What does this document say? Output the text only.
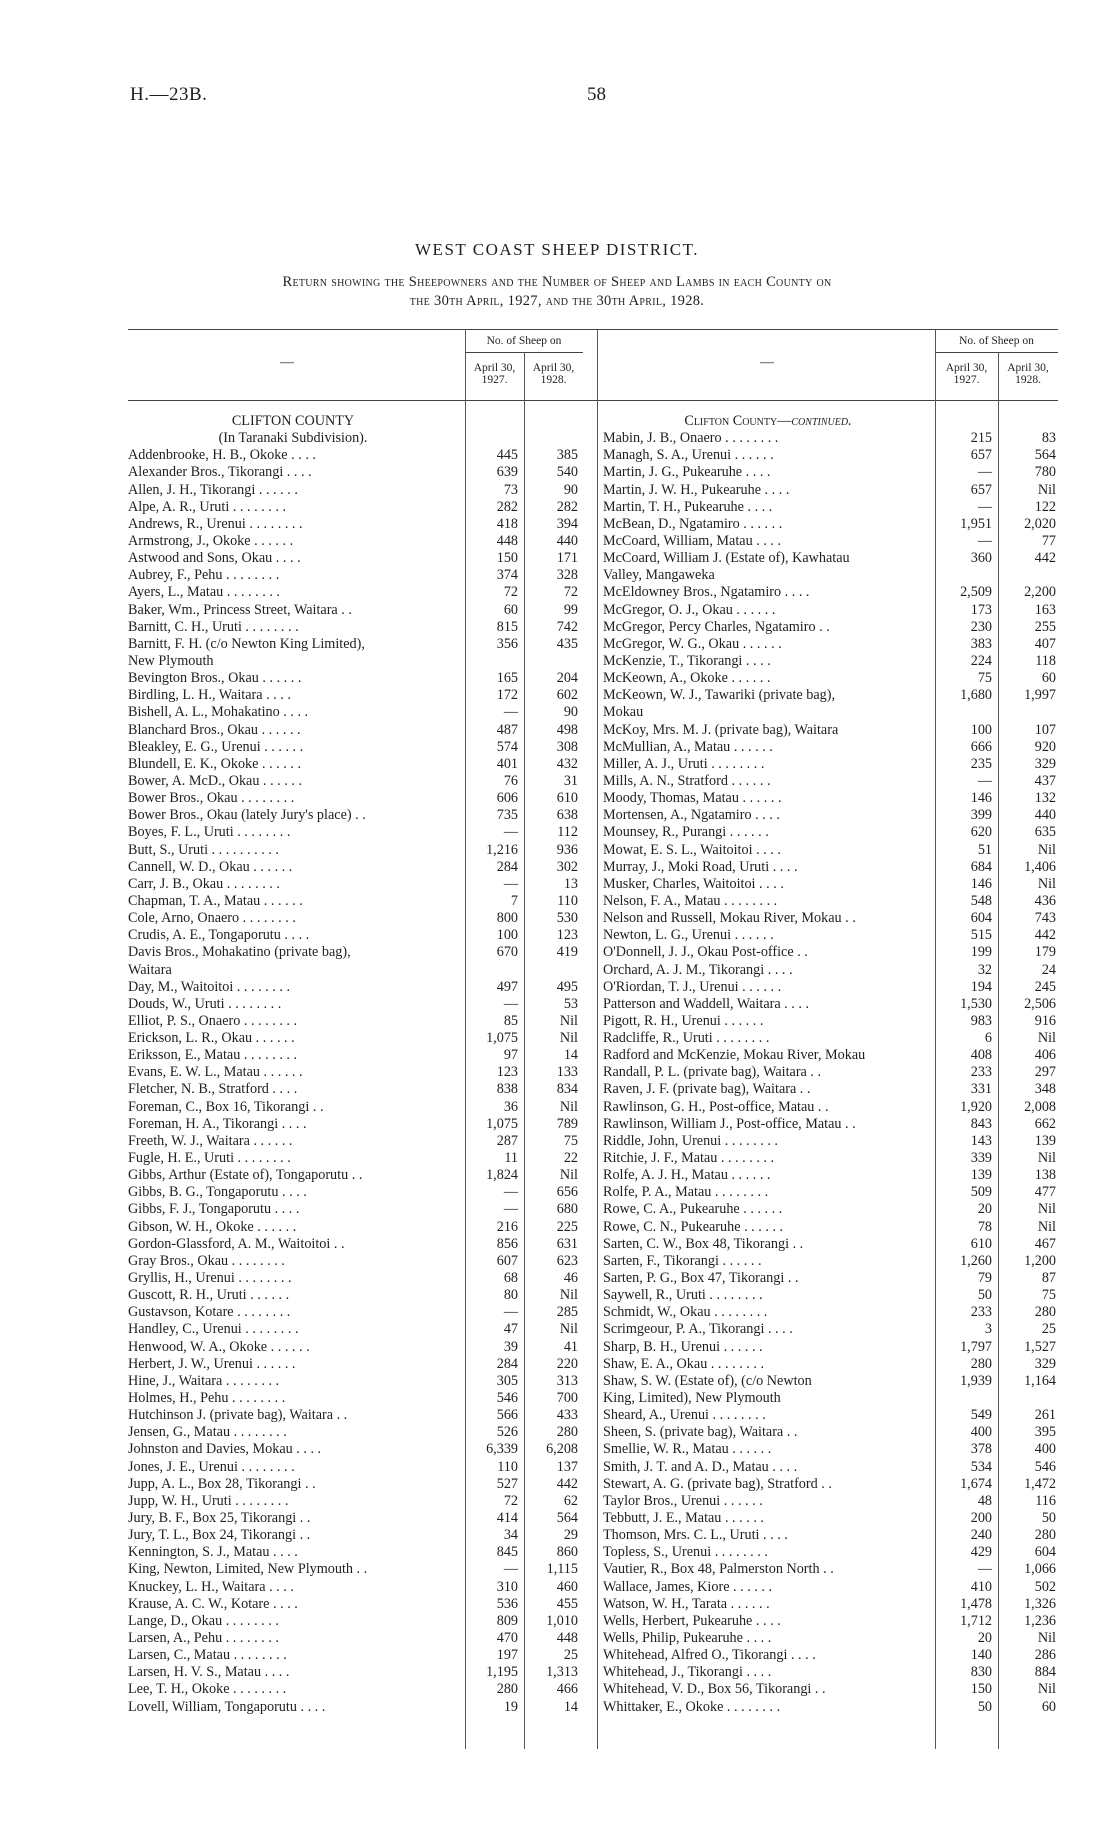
H.—23B.	58
WEST COAST SHEEP DISTRICT.
Return showing the Sheepowners and the Number of Sheep and Lambs in each County on
the 30th April, 1927, and the 30th April, 1928.
—
No. of Sheep on
April 30,
1927.
April 30,
1928.
—
No. of Sheep on
April 30,
1927.
April 30,
1928.
CLIFTON COUNTY
(In Taranaki Subdivision).
Addenbrooke, H. B., Okoke . . . .	445	385
Alexander Bros., Tikorangi . . . .	639	540
Allen, J. H., Tikorangi . . . . . .	73	90
Alpe, A. R., Uruti . . . . . . . .	282	282
Andrews, R., Urenui . . . . . . . .	418	394
Armstrong, J., Okoke . . . . . .	448	440
Astwood and Sons, Okau . . . .	150	171
Aubrey, F., Pehu . . . . . . . .	374	328
Ayers, L., Matau . . . . . . . .	72	72
Baker, Wm., Princess Street, Waitara . .	60	99
Barnitt, C. H., Uruti . . . . . . . .	815	742
Barnitt, F. H. (c/o Newton King Limited),	356	435
New Plymouth
Bevington Bros., Okau . . . . . .	165	204
Birdling, L. H., Waitara . . . .	172	602
Bishell, A. L., Mohakatino . . . .	—	90
Blanchard Bros., Okau . . . . . .	487	498
Bleakley, E. G., Urenui . . . . . .	574	308
Blundell, E. K., Okoke . . . . . .	401	432
Bower, A. McD., Okau . . . . . .	76	31
Bower Bros., Okau . . . . . . . .	606	610
Bower Bros., Okau (lately Jury's place) . .	735	638
Boyes, F. L., Uruti . . . . . . . .	—	112
Butt, S., Uruti . . . . . . . . . .	1,216	936
Cannell, W. D., Okau . . . . . .	284	302
Carr, J. B., Okau . . . . . . . .	—	13
Chapman, T. A., Matau . . . . . .	7	110
Cole, Arno, Onaero . . . . . . . .	800	530
Crudis, A. E., Tongaporutu . . . .	100	123
Davis Bros., Mohakatino (private bag),	670	419
Waitara
Day, M., Waitoitoi . . . . . . . .	497	495
Douds, W., Uruti . . . . . . . .	—	53
Elliot, P. S., Onaero . . . . . . . .	85	Nil
Erickson, L. R., Okau . . . . . .	1,075	Nil
Eriksson, E., Matau . . . . . . . .	97	14
Evans, E. W. L., Matau . . . . . .	123	133
Fletcher, N. B., Stratford . . . .	838	834
Foreman, C., Box 16, Tikorangi . .	36	Nil
Foreman, H. A., Tikorangi . . . .	1,075	789
Freeth, W. J., Waitara . . . . . .	287	75
Fugle, H. E., Uruti . . . . . . . .	11	22
Gibbs, Arthur (Estate of), Tongaporutu . .	1,824	Nil
Gibbs, B. G., Tongaporutu . . . .	—	656
Gibbs, F. J., Tongaporutu . . . .	—	680
Gibson, W. H., Okoke . . . . . .	216	225
Gordon-Glassford, A. M., Waitoitoi . .	856	631
Gray Bros., Okau . . . . . . . .	607	623
Gryllis, H., Urenui . . . . . . . .	68	46
Guscott, R. H., Uruti . . . . . .	80	Nil
Gustavson, Kotare . . . . . . . .	—	285
Handley, C., Urenui . . . . . . . .	47	Nil
Henwood, W. A., Okoke . . . . . .	39	41
Herbert, J. W., Urenui . . . . . .	284	220
Hine, J., Waitara . . . . . . . .	305	313
Holmes, H., Pehu . . . . . . . .	546	700
Hutchinson J. (private bag), Waitara . .	566	433
Jensen, G., Matau . . . . . . . .	526	280
Johnston and Davies, Mokau . . . .	6,339	6,208
Jones, J. E., Urenui . . . . . . . .	110	137
Jupp, A. L., Box 28, Tikorangi . .	527	442
Jupp, W. H., Uruti . . . . . . . .	72	62
Jury, B. F., Box 25, Tikorangi . .	414	564
Jury, T. L., Box 24, Tikorangi . .	34	29
Kennington, S. J., Matau . . . .	845	860
King, Newton, Limited, New Plymouth . .	—	1,115
Knuckey, L. H., Waitara . . . .	310	460
Krause, A. C. W., Kotare . . . .	536	455
Lange, D., Okau . . . . . . . .	809	1,010
Larsen, A., Pehu . . . . . . . .	470	448
Larsen, C., Matau . . . . . . . .	197	25
Larsen, H. V. S., Matau . . . .	1,195	1,313
Lee, T. H., Okoke . . . . . . . .	280	466
Lovell, William, Tongaporutu . . . .	19	14
Clifton County—continued.
Mabin, J. B., Onaero . . . . . . . .	215	83
Managh, S. A., Urenui . . . . . .	657	564
Martin, J. G., Pukearuhe . . . .	—	780
Martin, J. W. H., Pukearuhe . . . .	657	Nil
Martin, T. H., Pukearuhe . . . .	—	122
McBean, D., Ngatamiro . . . . . .	1,951	2,020
McCoard, William, Matau . . . .	—	77
McCoard, William J. (Estate of), Kawhatau	360	442
Valley, Mangaweka
McEldowney Bros., Ngatamiro . . . .	2,509	2,200
McGregor, O. J., Okau . . . . . .	173	163
McGregor, Percy Charles, Ngatamiro . .	230	255
McGregor, W. G., Okau . . . . . .	383	407
McKenzie, T., Tikorangi . . . .	224	118
McKeown, A., Okoke . . . . . .	75	60
McKeown, W. J., Tawariki (private bag),	1,680	1,997
Mokau
McKoy, Mrs. M. J. (private bag), Waitara	100	107
McMullian, A., Matau . . . . . .	666	920
Miller, A. J., Uruti . . . . . . . .	235	329
Mills, A. N., Stratford . . . . . .	—	437
Moody, Thomas, Matau . . . . . .	146	132
Mortensen, A., Ngatamiro . . . .	399	440
Mounsey, R., Purangi . . . . . .	620	635
Mowat, E. S. L., Waitoitoi . . . .	51	Nil
Murray, J., Moki Road, Uruti . . . .	684	1,406
Musker, Charles, Waitoitoi . . . .	146	Nil
Nelson, F. A., Matau . . . . . . . .	548	436
Nelson and Russell, Mokau River, Mokau . .	604	743
Newton, L. G., Urenui . . . . . .	515	442
O'Donnell, J. J., Okau Post-office . .	199	179
Orchard, A. J. M., Tikorangi . . . .	32	24
O'Riordan, T. J., Urenui . . . . . .	194	245
Patterson and Waddell, Waitara . . . .	1,530	2,506
Pigott, R. H., Urenui . . . . . .	983	916
Radcliffe, R., Uruti . . . . . . . .	6	Nil
Radford and McKenzie, Mokau River, Mokau	408	406
Randall, P. L. (private bag), Waitara . .	233	297
Raven, J. F. (private bag), Waitara . .	331	348
Rawlinson, G. H., Post-office, Matau . .	1,920	2,008
Rawlinson, William J., Post-office, Matau . .	843	662
Riddle, John, Urenui . . . . . . . .	143	139
Ritchie, J. F., Matau . . . . . . . .	339	Nil
Rolfe, A. J. H., Matau . . . . . .	139	138
Rolfe, P. A., Matau . . . . . . . .	509	477
Rowe, C. A., Pukearuhe . . . . . .	20	Nil
Rowe, C. N., Pukearuhe . . . . . .	78	Nil
Sarten, C. W., Box 48, Tikorangi . .	610	467
Sarten, F., Tikorangi . . . . . .	1,260	1,200
Sarten, P. G., Box 47, Tikorangi . .	79	87
Saywell, R., Uruti . . . . . . . .	50	75
Schmidt, W., Okau . . . . . . . .	233	280
Scrimgeour, P. A., Tikorangi . . . .	3	25
Sharp, B. H., Urenui . . . . . .	1,797	1,527
Shaw, E. A., Okau . . . . . . . .	280	329
Shaw, S. W. (Estate of), (c/o Newton	1,939	1,164
King, Limited), New Plymouth
Sheard, A., Urenui . . . . . . . .	549	261
Sheen, S. (private bag), Waitara . .	400	395
Smellie, W. R., Matau . . . . . .	378	400
Smith, J. T. and A. D., Matau . . . .	534	546
Stewart, A. G. (private bag), Stratford . .	1,674	1,472
Taylor Bros., Urenui . . . . . .	48	116
Tebbutt, J. E., Matau . . . . . .	200	50
Thomson, Mrs. C. L., Uruti . . . .	240	280
Topless, S., Urenui . . . . . . . .	429	604
Vautier, R., Box 48, Palmerston North . .	—	1,066
Wallace, James, Kiore . . . . . .	410	502
Watson, W. H., Tarata . . . . . .	1,478	1,326
Wells, Herbert, Pukearuhe . . . .	1,712	1,236
Wells, Philip, Pukearuhe . . . .	20	Nil
Whitehead, Alfred O., Tikorangi . . . .	140	286
Whitehead, J., Tikorangi . . . .	830	884
Whitehead, V. D., Box 56, Tikorangi . .	150	Nil
Whittaker, E., Okoke . . . . . . . .	50	60
